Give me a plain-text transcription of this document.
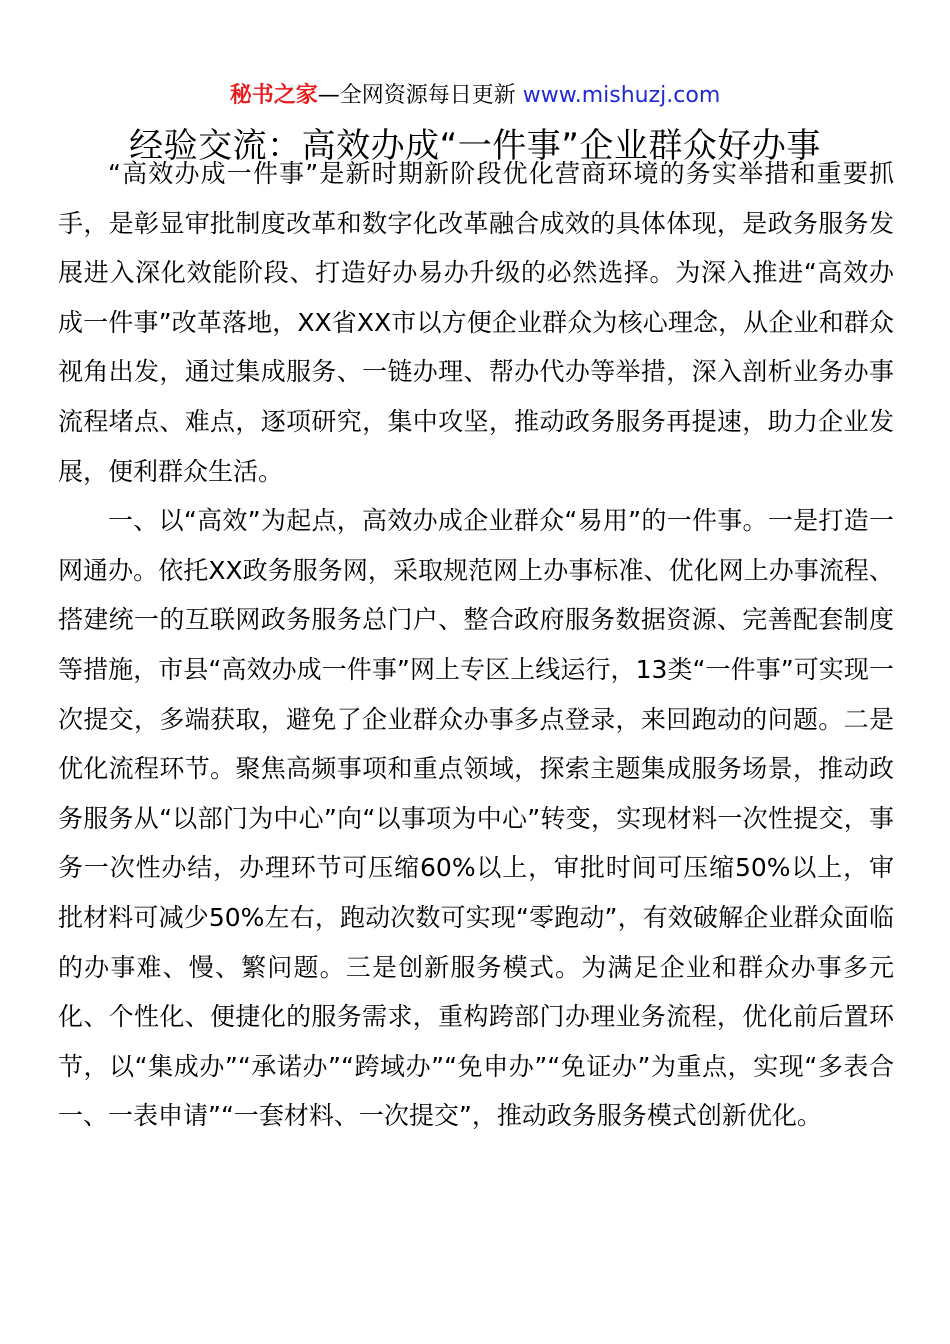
秘书之家—全网资源每日更新 www.mishuzj.com
经验交流：高效办成“一件事”企业群众好办事

“高效办成一件事”是新时期新阶段优化营商环境的务实举措和重要抓手，是彰显审批制度改革和数字化改革融合成效的具体体现，是政务服务发展进入深化效能阶段、打造好办易办升级的必然选择。为深入推进“高效办成一件事”改革落地，XX省XX市以方便企业群众为核心理念，从企业和群众视角出发，通过集成服务、一链办理、帮办代办等举措，深入剖析业务办事流程堵点、难点，逐项研究，集中攻坚，推动政务服务再提速，助力企业发展，便利群众生活。

一、以“高效”为起点，高效办成企业群众“易用”的一件事。一是打造一网通办。依托XX政务服务网，采取规范网上办事标准、优化网上办事流程、搭建统一的互联网政务服务总门户、整合政府服务数据资源、完善配套制度等措施，市县“高效办成一件事”网上专区上线运行，13类“一件事”可实现一次提交，多端获取，避免了企业群众办事多点登录，来回跑动的问题。二是优化流程环节。聚焦高频事项和重点领域，探索主题集成服务场景，推动政务服务从“以部门为中心”向“以事项为中心”转变，实现材料一次性提交，事务一次性办结，办理环节可压缩60%以上，审批时间可压缩50%以上，审批材料可减少50%左右，跑动次数可实现“零跑动”，有效破解企业群众面临的办事难、慢、繁问题。三是创新服务模式。为满足企业和群众办事多元化、个性化、便捷化的服务需求，重构跨部门办理业务流程，优化前后置环节，以“集成办”“承诺办”“跨域办”“免申办”“免证办”为重点，实现“多表合一、一表申请”“一套材料、一次提交”，推动政务服务模式创新优化。
